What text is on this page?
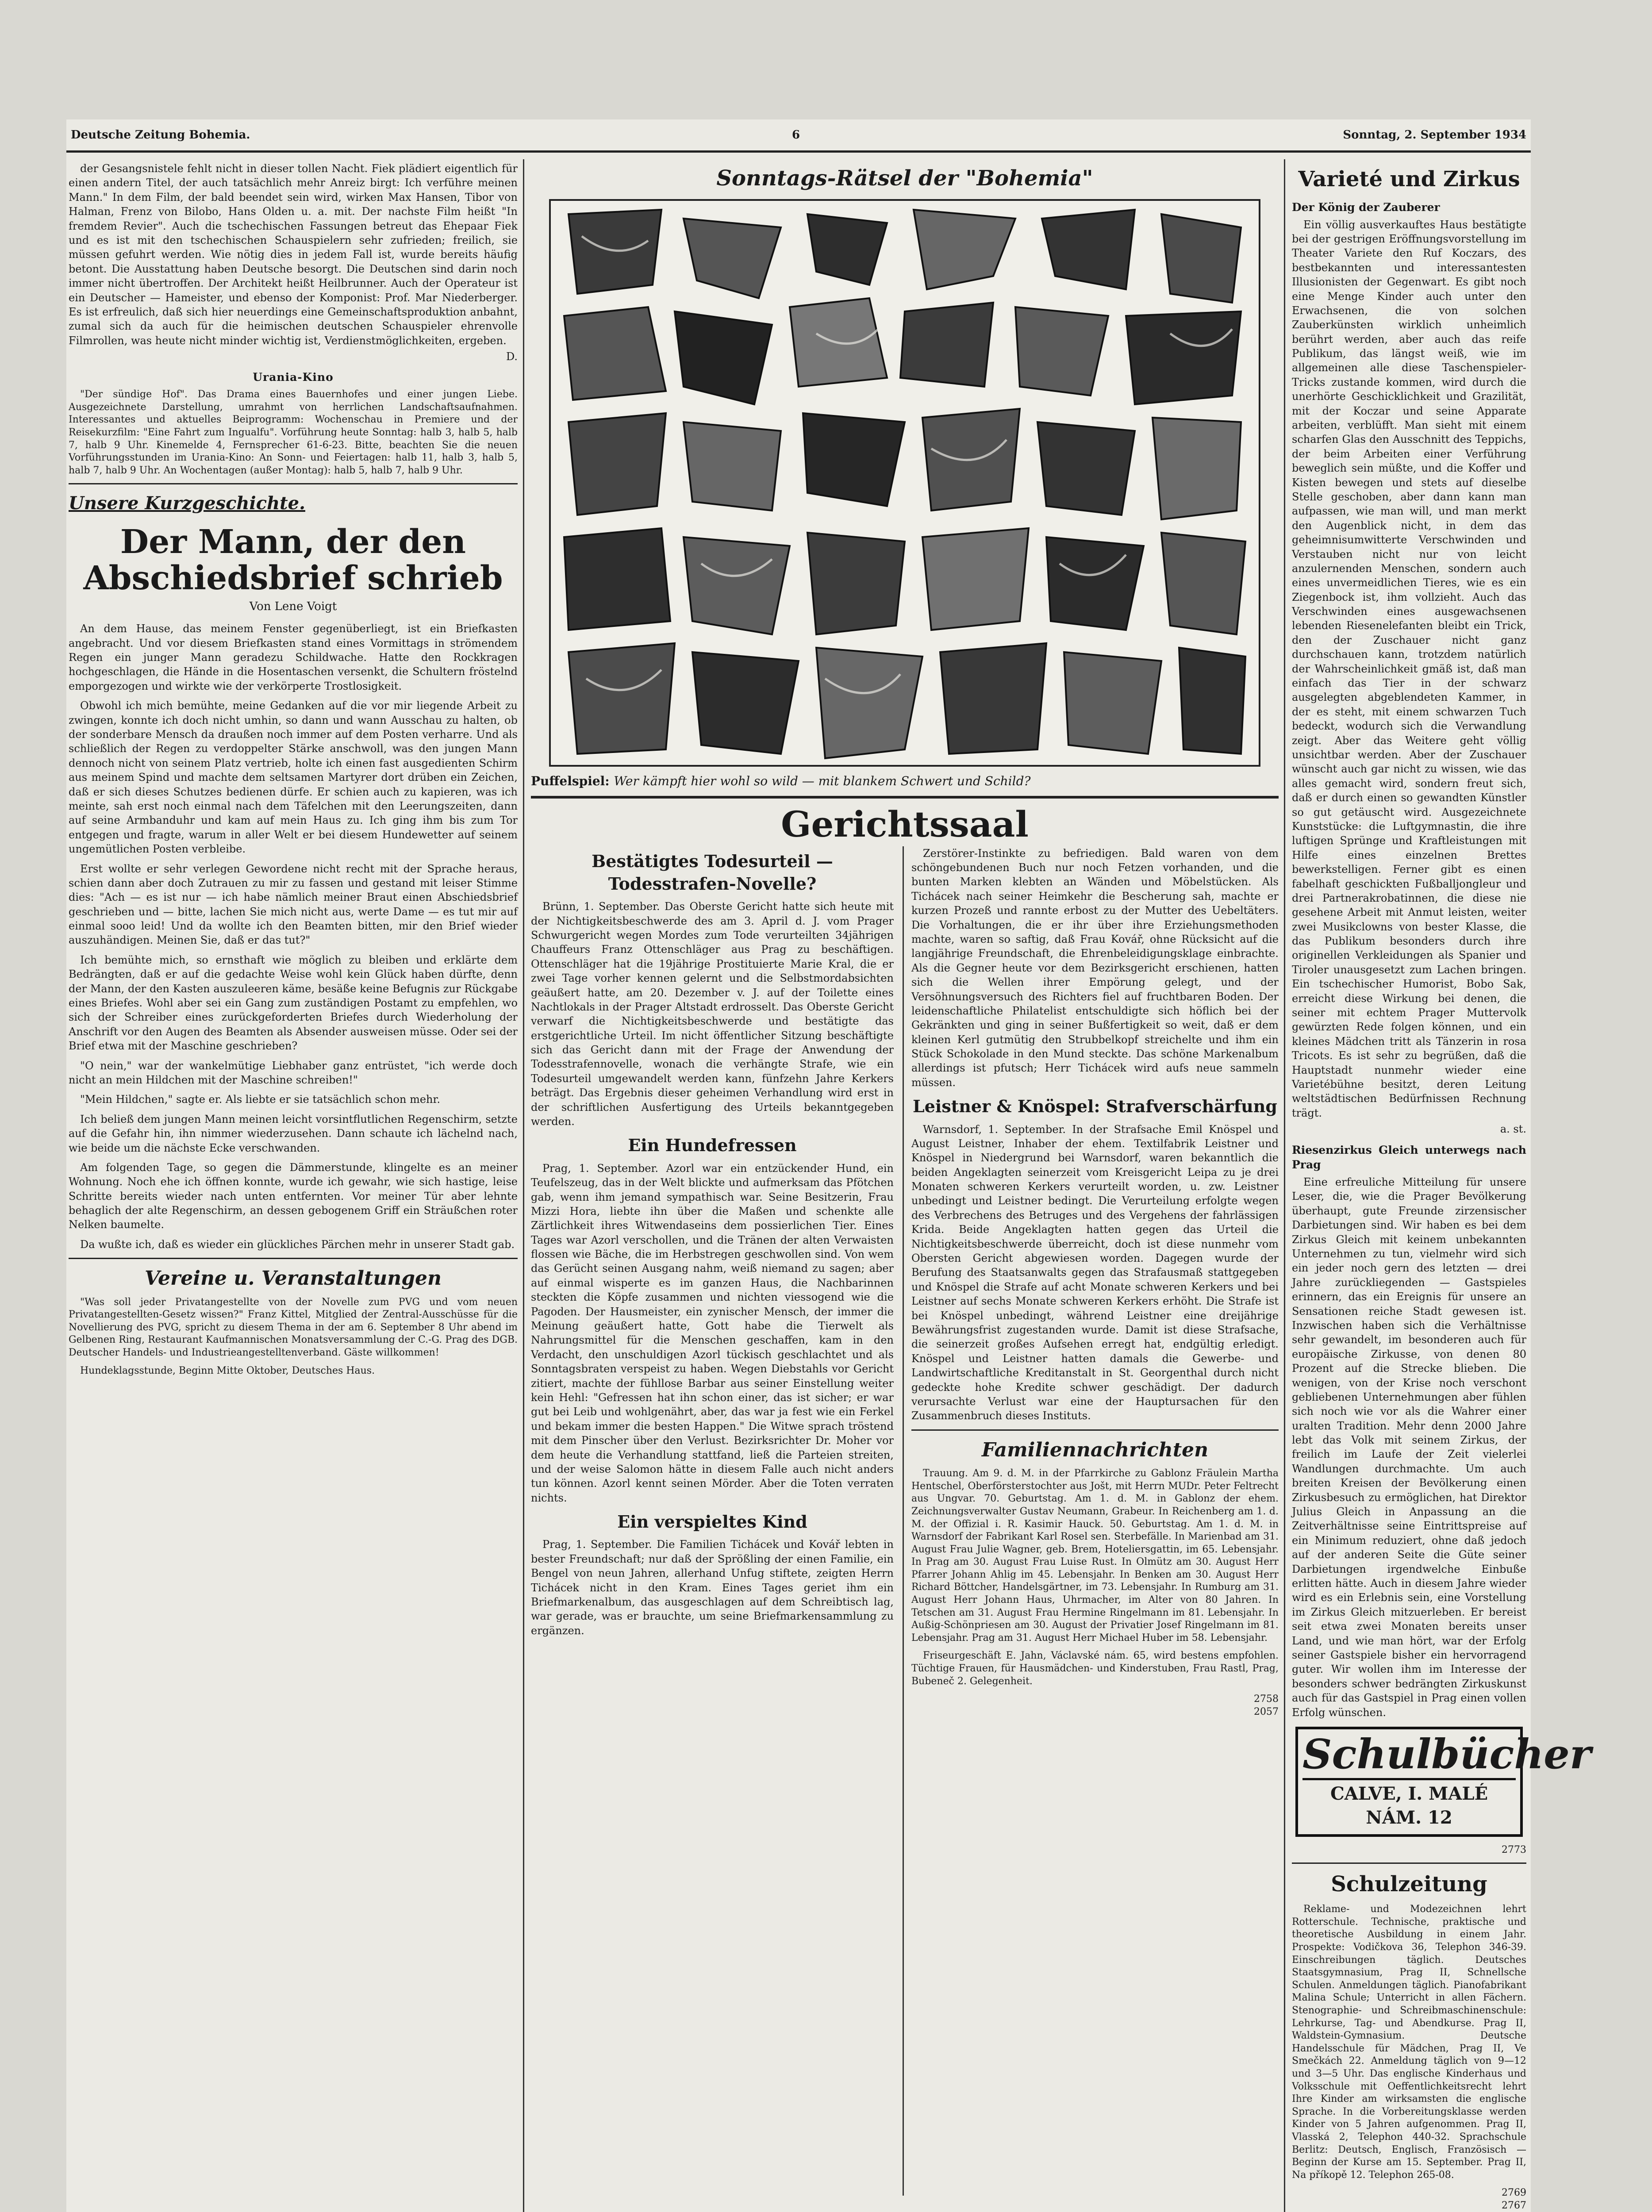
Deutsche Zeitung Bohemia.	6	Sonntag, 2. September 1934

der Gesangsnistele fehlt nicht in dieser tollen Nacht. Fiek plädiert eigentlich für einen andern Titel, der auch tatsächlich mehr Anreiz birgt: Ich verführe meinen Mann." In dem Film, der bald beendet sein wird, wirken Max Hansen, Tibor von Halman, Frenz von Bilobo, Hans Olden u. a. mit. Der nachste Film heißt "In fremdem Revier". Auch die tschechischen Fassungen betreut das Ehepaar Fiek und es ist mit den tschechischen Schauspielern sehr zufrieden; freilich, sie müssen gefuhrt werden. Wie nötig dies in jedem Fall ist, wurde bereits häufig betont. Die Ausstattung haben Deutsche besorgt. Die Deutschen sind darin noch immer nicht übertroffen. Der Architekt heißt Heilbrunner. Auch der Operateur ist ein Deutscher — Hameister, und ebenso der Komponist: Prof. Mar Niederberger. Es ist erfreulich, daß sich hier neuerdings eine Gemeinschaftsproduktion anbahnt, zumal sich da auch für die heimischen deutschen Schauspieler ehrenvolle Filmrollen, was heute nicht minder wichtig ist, Verdienstmöglichkeiten, ergeben.

D.
Urania-Kino

"Der sündige Hof". Das Drama eines Bauernhofes und einer jungen Liebe. Ausgezeichnete Darstellung, umrahmt von herrlichen Landschaftsaufnahmen. Interessantes und aktuelles Beiprogramm: Wochenschau in Premiere und der Reisekurzfilm: "Eine Fahrt zum Ingualfu". Vorführung heute Sonntag: halb 3, halb 5, halb 7, halb 9 Uhr. Kinemelde 4, Fernsprecher 61-6-23. Bitte, beachten Sie die neuen Vorführungsstunden im Urania-Kino: An Sonn- und Feiertagen: halb 11, halb 3, halb 5, halb 7, halb 9 Uhr. An Wochentagen (außer Montag): halb 5, halb 7, halb 9 Uhr.

Unsere Kurzgeschichte.
Der Mann, der den Abschiedsbrief schrieb
Von Lene Voigt

An dem Hause, das meinem Fenster gegenüberliegt, ist ein Briefkasten angebracht. Und vor diesem Briefkasten stand eines Vormittags in strömendem Regen ein junger Mann geradezu Schildwache. Hatte den Rockkragen hochgeschlagen, die Hände in die Hosentaschen versenkt, die Schultern fröstelnd emporgezogen und wirkte wie der verkörperte Trostlosigkeit.

Obwohl ich mich bemühte, meine Gedanken auf die vor mir liegende Arbeit zu zwingen, konnte ich doch nicht umhin, so dann und wann Ausschau zu halten, ob der sonderbare Mensch da draußen noch immer auf dem Posten verharre. Und als schließlich der Regen zu verdoppelter Stärke anschwoll, was den jungen Mann dennoch nicht von seinem Platz vertrieb, holte ich einen fast ausgedienten Schirm aus meinem Spind und machte dem seltsamen Martyrer dort drüben ein Zeichen, daß er sich dieses Schutzes bedienen dürfe. Er schien auch zu kapieren, was ich meinte, sah erst noch einmal nach dem Täfelchen mit den Leerungszeiten, dann auf seine Armbanduhr und kam auf mein Haus zu. Ich ging ihm bis zum Tor entgegen und fragte, warum in aller Welt er bei diesem Hundewetter auf seinem ungemütlichen Posten verbleibe.

Erst wollte er sehr verlegen Gewordene nicht recht mit der Sprache heraus, schien dann aber doch Zutrauen zu mir zu fassen und gestand mit leiser Stimme dies: "Ach — es ist nur — ich habe nämlich meiner Braut einen Abschiedsbrief geschrieben und — bitte, lachen Sie mich nicht aus, werte Dame — es tut mir auf einmal sooo leid! Und da wollte ich den Beamten bitten, mir den Brief wieder auszuhändigen. Meinen Sie, daß er das tut?"

Ich bemühte mich, so ernsthaft wie möglich zu bleiben und erklärte dem Bedrängten, daß er auf die gedachte Weise wohl kein Glück haben dürfte, denn der Mann, der den Kasten auszuleeren käme, besäße keine Befugnis zur Rückgabe eines Briefes. Wohl aber sei ein Gang zum zuständigen Postamt zu empfehlen, wo sich der Schreiber eines zurückgeforderten Briefes durch Wiederholung der Anschrift vor den Augen des Beamten als Absender ausweisen müsse. Oder sei der Brief etwa mit der Maschine geschrieben?

"O nein," war der wankelmütige Liebhaber ganz entrüstet, "ich werde doch nicht an mein Hildchen mit der Maschine schreiben!"

"Mein Hildchen," sagte er. Als liebte er sie tatsächlich schon mehr.

Ich beließ dem jungen Mann meinen leicht vorsintflutlichen Regenschirm, setzte auf die Gefahr hin, ihn nimmer wiederzusehen. Dann schaute ich lächelnd nach, wie beide um die nächste Ecke verschwanden.

Am folgenden Tage, so gegen die Dämmerstunde, klingelte es an meiner Wohnung. Noch ehe ich öffnen konnte, wurde ich gewahr, wie sich hastige, leise Schritte bereits wieder nach unten entfernten. Vor meiner Tür aber lehnte behaglich der alte Regenschirm, an dessen gebogenem Griff ein Sträußchen roter Nelken baumelte.

Da wußte ich, daß es wieder ein glückliches Pärchen mehr in unserer Stadt gab.

Vereine u. Veranstaltungen

"Was soll jeder Privatangestellte von der Novelle zum PVG und vom neuen Privatangestellten-Gesetz wissen?" Franz Kittel, Mitglied der Zentral-Ausschüsse für die Novellierung des PVG, spricht zu diesem Thema in der am 6. September 8 Uhr abend im Gelbenen Ring, Restaurant Kaufmannischen Monatsversammlung der C.-G. Prag des DGB. Deutscher Handels- und Industrieangestelltenverband. Gäste willkommen!

Hundeklagsstunde, Beginn Mitte Oktober, Deutsches Haus.

Sonntags-Rätsel der "Bohemia"
Puffelspiel: Wer kämpft hier wohl so wild — mit blankem Schwert und Schild?
Gerichtssaal
Bestätigtes Todesurteil — Todesstrafen-Novelle?

Brünn, 1. September. Das Oberste Gericht hatte sich heute mit der Nichtigkeitsbeschwerde des am 3. April d. J. vom Prager Schwurgericht wegen Mordes zum Tode verurteilten 34jährigen Chauffeurs Franz Ottenschläger aus Prag zu beschäftigen. Ottenschläger hat die 19jährige Prostituierte Marie Kral, die er zwei Tage vorher kennen gelernt und die Selbstmordabsichten geäußert hatte, am 20. Dezember v. J. auf der Toilette eines Nachtlokals in der Prager Altstadt erdrosselt. Das Oberste Gericht verwarf die Nichtigkeitsbeschwerde und bestätigte das erstgerichtliche Urteil. Im nicht öffentlicher Sitzung beschäftigte sich das Gericht dann mit der Frage der Anwendung der Todesstrafennovelle, wonach die verhängte Strafe, wie ein Todesurteil umgewandelt werden kann, fünfzehn Jahre Kerkers beträgt. Das Ergebnis dieser geheimen Verhandlung wird erst in der schriftlichen Ausfertigung des Urteils bekanntgegeben werden.

Ein Hundefressen

Prag, 1. September. Azorl war ein entzückender Hund, ein Teufelszeug, das in der Welt blickte und aufmerksam das Pfötchen gab, wenn ihm jemand sympathisch war. Seine Besitzerin, Frau Mizzi Hora, liebte ihn über die Maßen und schenkte alle Zärtlichkeit ihres Witwendaseins dem possierlichen Tier. Eines Tages war Azorl verschollen, und die Tränen der alten Verwaisten flossen wie Bäche, die im Herbstregen geschwollen sind. Von wem das Gerücht seinen Ausgang nahm, weiß niemand zu sagen; aber auf einmal wisperte es im ganzen Haus, die Nachbarinnen steckten die Köpfe zusammen und nichten viessogend wie die Pagoden. Der Hausmeister, ein zynischer Mensch, der immer die Meinung geäußert hatte, Gott habe die Tierwelt als Nahrungsmittel für die Menschen geschaffen, kam in den Verdacht, den unschuldigen Azorl tückisch geschlachtet und als Sonntagsbraten verspeist zu haben. Wegen Diebstahls vor Gericht zitiert, machte der fühllose Barbar aus seiner Einstellung weiter kein Hehl: "Gefressen hat ihn schon einer, das ist sicher; er war gut bei Leib und wohlgenährt, aber, das war ja fest wie ein Ferkel und bekam immer die besten Happen." Die Witwe sprach tröstend mit dem Pinscher über den Verlust. Bezirksrichter Dr. Moher vor dem heute die Verhandlung stattfand, ließ die Parteien streiten, und der weise Salomon hätte in diesem Falle auch nicht anders tun können. Azorl kennt seinen Mörder. Aber die Toten verraten nichts.

Ein verspieltes Kind

Prag, 1. September. Die Familien Tichácek und Kovář lebten in bester Freundschaft; nur daß der Sprößling der einen Familie, ein Bengel von neun Jahren, allerhand Unfug stiftete, zeigten Herrn Tichácek nicht in den Kram. Eines Tages geriet ihm ein Briefmarkenalbum, das ausgeschlagen auf dem Schreibtisch lag, war gerade, was er brauchte, um seine Briefmarkensammlung zu ergänzen.

Zerstörer-Instinkte zu befriedigen. Bald waren von dem schöngebundenen Buch nur noch Fetzen vorhanden, und die bunten Marken klebten an Wänden und Möbelstücken. Als Tichácek nach seiner Heimkehr die Bescherung sah, machte er kurzen Prozeß und rannte erbost zu der Mutter des Uebeltäters. Die Vorhaltungen, die er ihr über ihre Erziehungsmethoden machte, waren so saftig, daß Frau Kovář, ohne Rücksicht auf die langjährige Freundschaft, die Ehrenbeleidigungsklage einbrachte. Als die Gegner heute vor dem Bezirksgericht erschienen, hatten sich die Wellen ihrer Empörung gelegt, und der Versöhnungsversuch des Richters fiel auf fruchtbaren Boden. Der leidenschaftliche Philatelist entschuldigte sich höflich bei der Gekränkten und ging in seiner Bußfertigkeit so weit, daß er dem kleinen Kerl gutmütig den Strubbelkopf streichelte und ihm ein Stück Schokolade in den Mund steckte. Das schöne Markenalbum allerdings ist pfutsch; Herr Tichácek wird aufs neue sammeln müssen.

Leistner & Knöspel: Strafverschärfung

Warnsdorf, 1. September. In der Strafsache Emil Knöspel und August Leistner, Inhaber der ehem. Textilfabrik Leistner und Knöspel in Niedergrund bei Warnsdorf, waren bekanntlich die beiden Angeklagten seinerzeit vom Kreisgericht Leipa zu je drei Monaten schweren Kerkers verurteilt worden, u. zw. Leistner unbedingt und Leistner bedingt. Die Verurteilung erfolgte wegen des Verbrechens des Betruges und des Vergehens der fahrlässigen Krida. Beide Angeklagten hatten gegen das Urteil die Nichtigkeitsbeschwerde überreicht, doch ist diese nunmehr vom Obersten Gericht abgewiesen worden. Dagegen wurde der Berufung des Staatsanwalts gegen das Strafausmaß stattgegeben und Knöspel die Strafe auf acht Monate schweren Kerkers und bei Leistner auf sechs Monate schweren Kerkers erhöht. Die Strafe ist bei Knöspel unbedingt, während Leistner eine dreijährige Bewährungsfrist zugestanden wurde. Damit ist diese Strafsache, die seinerzeit großes Aufsehen erregt hat, endgültig erledigt. Knöspel und Leistner hatten damals die Gewerbe- und Landwirtschaftliche Kreditanstalt in St. Georgenthal durch nicht gedeckte hohe Kredite schwer geschädigt. Der dadurch verursachte Verlust war eine der Hauptursachen für den Zusammenbruch dieses Instituts.

Familiennachrichten

Trauung. Am 9. d. M. in der Pfarrkirche zu Gablonz Fräulein Martha Hentschel, Oberförsterstochter aus Jošt, mit Herrn MUDr. Peter Feltrecht aus Ungvar. 70. Geburtstag. Am 1. d. M. in Gablonz der ehem. Zeichnungsverwalter Gustav Neumann, Grabeur. In Reichenberg am 1. d. M. der Offizial i. R. Kasimir Hauck. 50. Geburtstag. Am 1. d. M. in Warnsdorf der Fabrikant Karl Rosel sen. Sterbefälle. In Marienbad am 31. August Frau Julie Wagner, geb. Brem, Hoteliersgattin, im 65. Lebensjahr. In Prag am 30. August Frau Luise Rust. In Olmütz am 30. August Herr Pfarrer Johann Ahlig im 45. Lebensjahr. In Benken am 30. August Herr Richard Böttcher, Handelsgärtner, im 73. Lebensjahr. In Rumburg am 31. August Herr Johann Haus, Uhrmacher, im Alter von 80 Jahren. In Tetschen am 31. August Frau Hermine Ringelmann im 81. Lebensjahr. In Außig-Schönpriesen am 30. August der Privatier Josef Ringelmann im 81. Lebensjahr. Prag am 31. August Herr Michael Huber im 58. Lebensjahr.

Friseurgeschäft E. Jahn, Václavské nám. 65, wird bestens empfohlen. Tüchtige Frauen, für Hausmädchen- und Kinderstuben, Frau Rastl, Prag, Bubeneč 2. Gelegenheit.

2758
2057
Varieté und Zirkus
Der König der Zauberer

Ein völlig ausverkauftes Haus bestätigte bei der gestrigen Eröffnungsvorstellung im Theater Variete den Ruf Koczars, des bestbekannten und interessantesten Illusionisten der Gegenwart. Es gibt noch eine Menge Kinder auch unter den Erwachsenen, die von solchen Zauberkünsten wirklich unheimlich berührt werden, aber auch das reife Publikum, das längst weiß, wie im allgemeinen alle diese Taschenspieler-Tricks zustande kommen, wird durch die unerhörte Geschicklichkeit und Grazilität, mit der Koczar und seine Apparate arbeiten, verblüfft. Man sieht mit einem scharfen Glas den Ausschnitt des Teppichs, der beim Arbeiten einer Verführung beweglich sein müßte, und die Koffer und Kisten bewegen und stets auf dieselbe Stelle geschoben, aber dann kann man aufpassen, wie man will, und man merkt den Augenblick nicht, in dem das geheimnisumwitterte Verschwinden und Verstauben nicht nur von leicht anzulernenden Menschen, sondern auch eines unvermeidlichen Tieres, wie es ein Ziegenbock ist, ihm vollzieht. Auch das Verschwinden eines ausgewachsenen lebenden Riesenelefanten bleibt ein Trick, den der Zuschauer nicht ganz durchschauen kann, trotzdem natürlich der Wahrscheinlichkeit gmäß ist, daß man einfach das Tier in der schwarz ausgelegten abgeblendeten Kammer, in der es steht, mit einem schwarzen Tuch bedeckt, wodurch sich die Verwandlung zeigt. Aber das Weitere geht völlig unsichtbar werden. Aber der Zuschauer wünscht auch gar nicht zu wissen, wie das alles gemacht wird, sondern freut sich, daß er durch einen so gewandten Künstler so gut getäuscht wird. Ausgezeichnete Kunststücke: die Luftgymnastin, die ihre luftigen Sprünge und Kraftleistungen mit Hilfe eines einzelnen Brettes bewerkstelligen. Ferner gibt es einen fabelhaft geschickten Fußballjongleur und drei Partnerakrobatinnen, die diese nie gesehene Arbeit mit Anmut leisten, weiter zwei Musikclowns von bester Klasse, die das Publikum besonders durch ihre originellen Verkleidungen als Spanier und Tiroler unausgesetzt zum Lachen bringen. Ein tschechischer Humorist, Bobo Sak, erreicht diese Wirkung bei denen, die seiner mit echtem Prager Muttervolk gewürzten Rede folgen können, und ein kleines Mädchen tritt als Tänzerin in rosa Tricots. Es ist sehr zu begrüßen, daß die Hauptstadt nunmehr wieder eine Varietébühne besitzt, deren Leitung weltstädtischen Bedürfnissen Rechnung trägt.

a. st.
Riesenzirkus Gleich unterwegs nach Prag

Eine erfreuliche Mitteilung für unsere Leser, die, wie die Prager Bevölkerung überhaupt, gute Freunde zirzensischer Darbietungen sind. Wir haben es bei dem Zirkus Gleich mit keinem unbekannten Unternehmen zu tun, vielmehr wird sich ein jeder noch gern des letzten — drei Jahre zurückliegenden — Gastspieles erinnern, das ein Ereignis für unsere an Sensationen reiche Stadt gewesen ist. Inzwischen haben sich die Verhältnisse sehr gewandelt, im besonderen auch für europäische Zirkusse, von denen 80 Prozent auf die Strecke blieben. Die wenigen, von der Krise noch verschont gebliebenen Unternehmungen aber fühlen sich noch wie vor als die Wahrer einer uralten Tradition. Mehr denn 2000 Jahre lebt das Volk mit seinem Zirkus, der freilich im Laufe der Zeit vielerlei Wandlungen durchmachte. Um auch breiten Kreisen der Bevölkerung einen Zirkusbesuch zu ermöglichen, hat Direktor Julius Gleich in Anpassung an die Zeitverhältnisse seine Eintrittspreise auf ein Minimum reduziert, ohne daß jedoch auf der anderen Seite die Güte seiner Darbietungen irgendwelche Einbuße erlitten hätte. Auch in diesem Jahre wieder wird es ein Erlebnis sein, eine Vorstellung im Zirkus Gleich mitzuerleben. Er bereist seit etwa zwei Monaten bereits unser Land, und wie man hört, war der Erfolg seiner Gastspiele bisher ein hervorragend guter. Wir wollen ihm im Interesse der besonders schwer bedrängten Zirkuskunst auch für das Gastspiel in Prag einen vollen Erfolg wünschen.

Schulbücher
CALVE, I. MALÉ NÁM. 12
2773
Schulzeitung

Reklame- und Modezeichnen lehrt Rotterschule. Technische, praktische und theoretische Ausbildung in einem Jahr. Prospekte: Vodičkova 36, Telephon 346-39. Einschreibungen täglich. Deutsches Staatsgymnasium, Prag II, Schnellsche Schulen. Anmeldungen täglich. Pianofabrikant Malina Schule; Unterricht in allen Fächern. Stenographie- und Schreibmaschinenschule: Lehrkurse, Tag- und Abendkurse. Prag II, Waldstein-Gymnasium. Deutsche Handelsschule für Mädchen, Prag II, Ve Smečkách 22. Anmeldung täglich von 9—12 und 3—5 Uhr. Das englische Kinderhaus und Volksschule mit Oeffentlichkeitsrecht lehrt Ihre Kinder am wirksamsten die englische Sprache. In die Vorbereitungsklasse werden Kinder von 5 Jahren aufgenommen. Prag II, Vlasská 2, Telephon 440-32. Sprachschule Berlitz: Deutsch, Englisch, Französisch — Beginn der Kurse am 15. September. Prag II, Na příkopě 12. Telephon 265-08.

2769
2767
